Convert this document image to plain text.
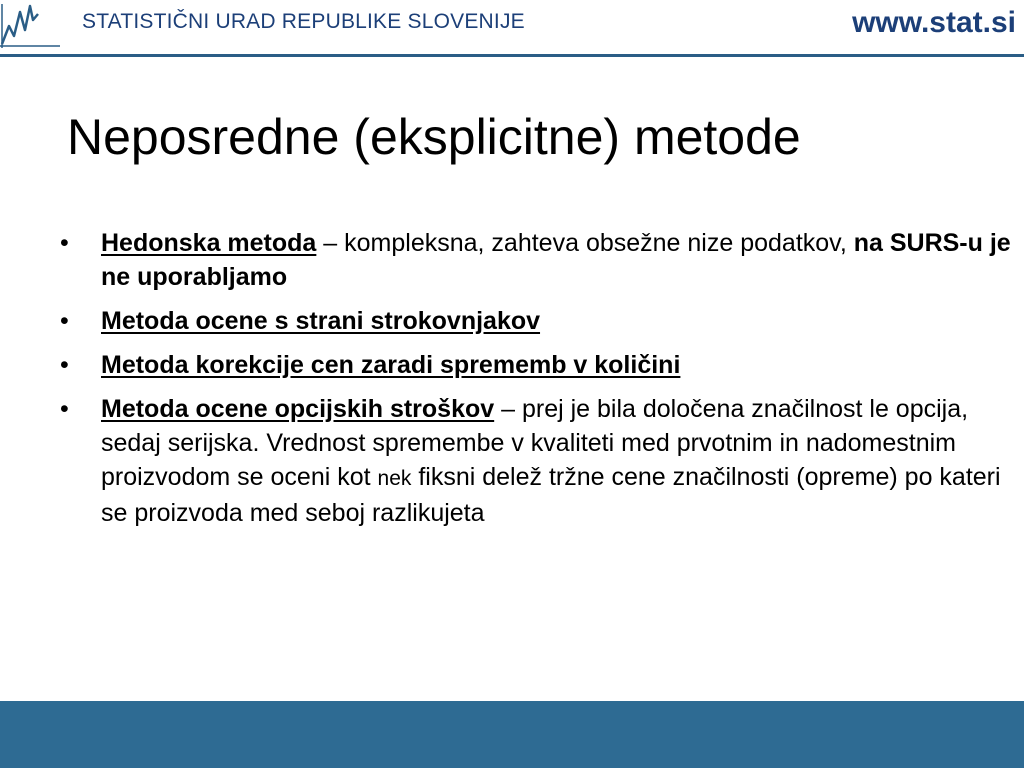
STATISTIČNI URAD REPUBLIKE SLOVENIJE	www.stat.si
Neposredne (eksplicitne) metode
• Hedonska metoda – kompleksna, zahteva obsežne nize podatkov, na SURS-u je ne uporabljamo
• Metoda ocene s strani strokovnjakov
• Metoda korekcije cen zaradi sprememb v količini
• Metoda ocene opcijskih stroškov – prej je bila določena značilnost le opcija, sedaj serijska. Vrednost spremembe v kvaliteti med prvotnim in nadomestnim proizvodom se oceni kot nek fiksni delež tržne cene značilnosti (opreme) po kateri se proizvoda med seboj razlikujeta
